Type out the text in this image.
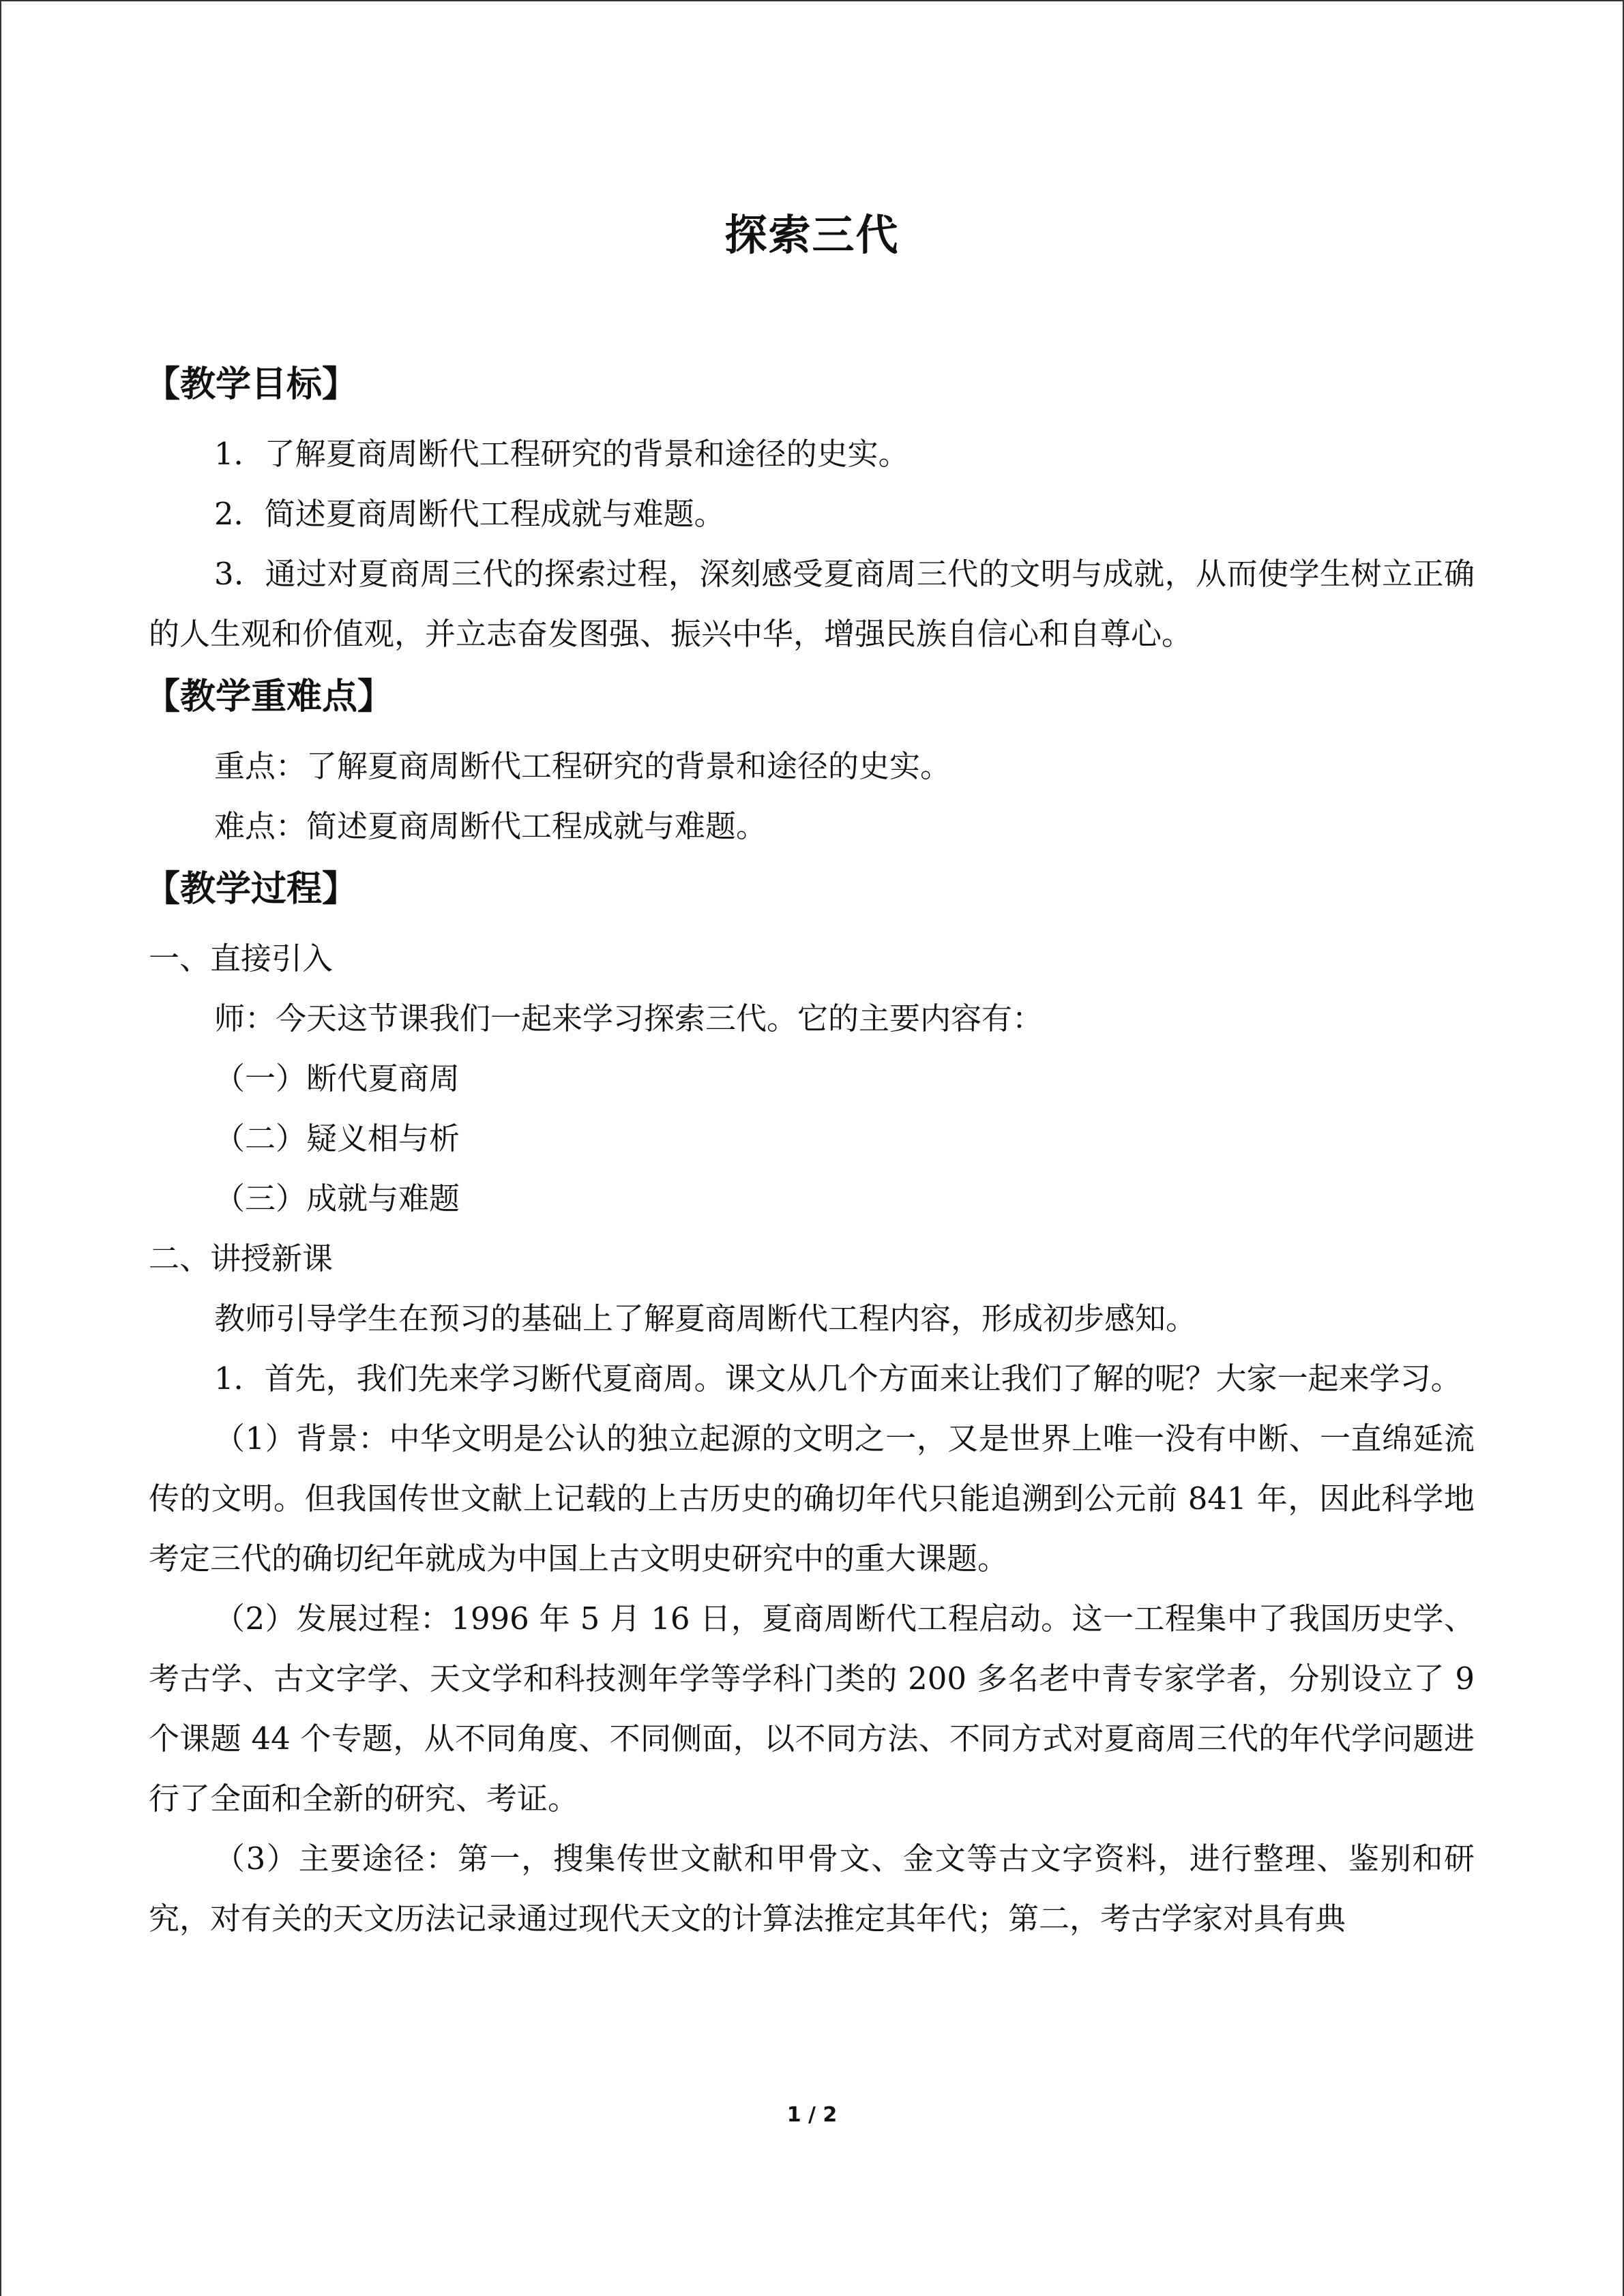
探索三代

【教学目标】

1．了解夏商周断代工程研究的背景和途径的史实。

2．简述夏商周断代工程成就与难题。

3．通过对夏商周三代的探索过程，深刻感受夏商周三代的文明与成就，从而使学生树立正确的人生观和价值观，并立志奋发图强、振兴中华，增强民族自信心和自尊心。

【教学重难点】

重点：了解夏商周断代工程研究的背景和途径的史实。

难点：简述夏商周断代工程成就与难题。

【教学过程】

一、直接引入

师：今天这节课我们一起来学习探索三代。它的主要内容有：

（一）断代夏商周

（二）疑义相与析

（三）成就与难题

二、讲授新课

教师引导学生在预习的基础上了解夏商周断代工程内容，形成初步感知。

1．首先，我们先来学习断代夏商周。课文从几个方面来让我们了解的呢？大家一起来学习。

（1）背景：中华文明是公认的独立起源的文明之一，又是世界上唯一没有中断、一直绵延流传的文明。但我国传世文献上记载的上古历史的确切年代只能追溯到公元前 841 年，因此科学地考定三代的确切纪年就成为中国上古文明史研究中的重大课题。

（2）发展过程：1996 年 5 月 16 日，夏商周断代工程启动。这一工程集中了我国历史学、考古学、古文字学、天文学和科技测年学等学科门类的 200 多名老中青专家学者，分别设立了 9 个课题 44 个专题，从不同角度、不同侧面，以不同方法、不同方式对夏商周三代的年代学问题进行了全面和全新的研究、考证。

（3）主要途径：第一，搜集传世文献和甲骨文、金文等古文字资料，进行整理、鉴别和研究，对有关的天文历法记录通过现代天文的计算法推定其年代；第二，考古学家对具有典

1 / 2
